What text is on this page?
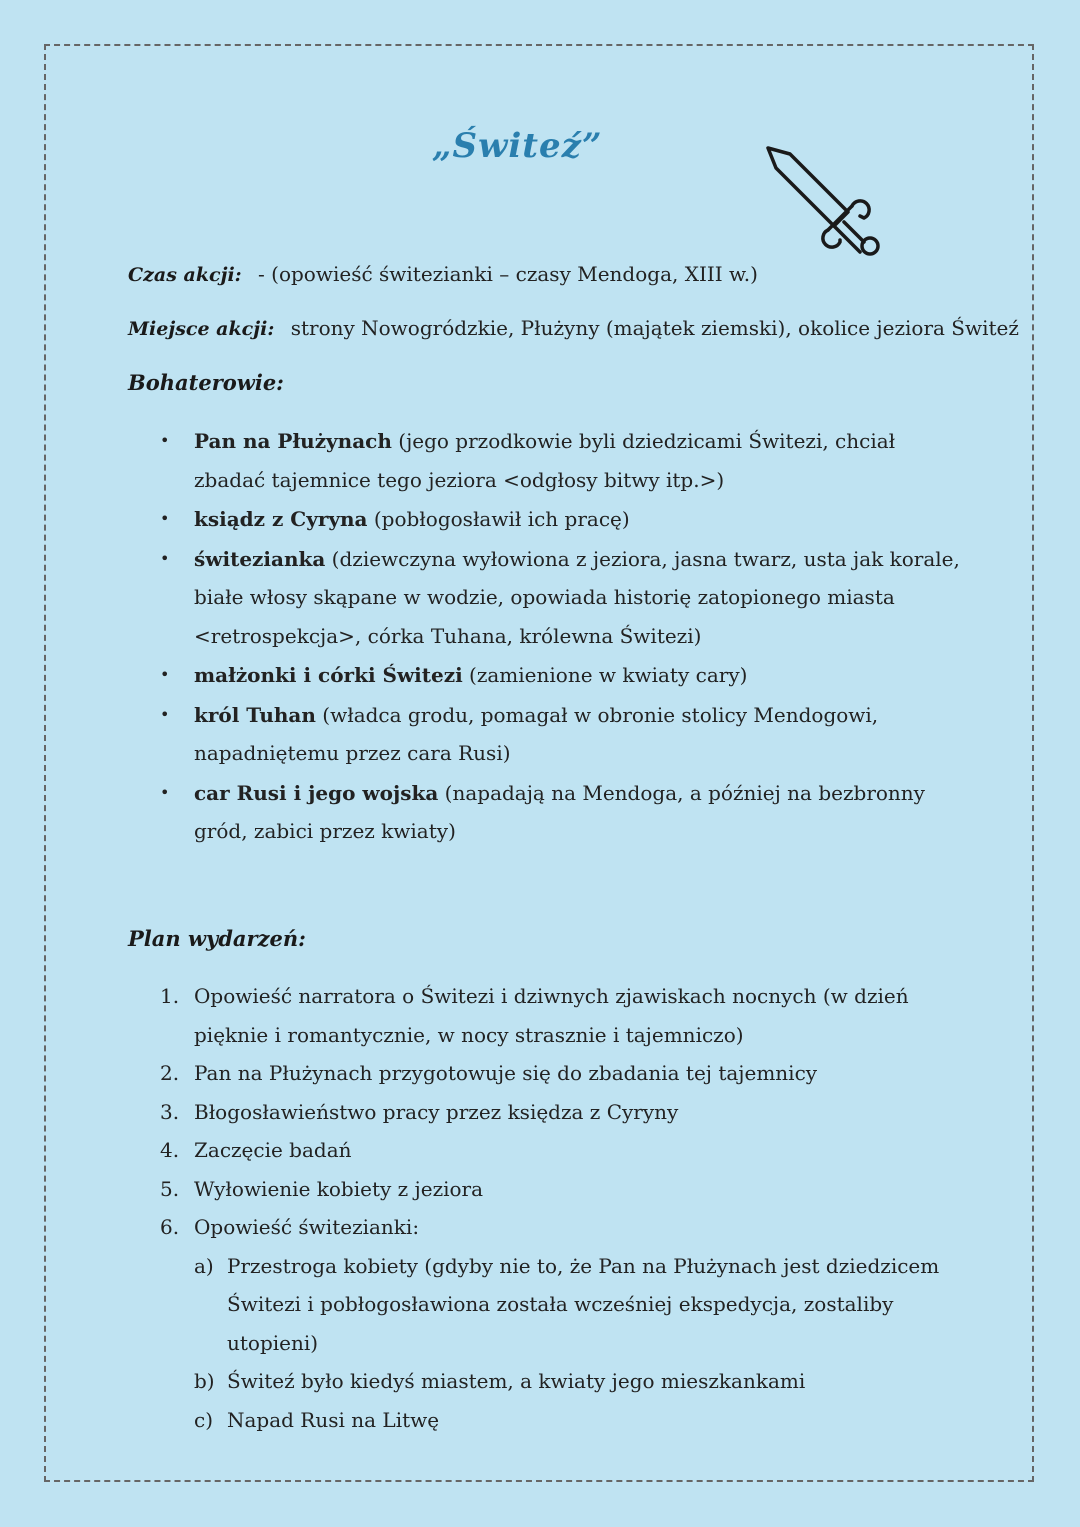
„Świteź”
Czas akcji: - (opowieść świtezianki – czasy Mendoga, XIII w.)
Miejsce akcji: strony Nowogródzkie, Płużyny (majątek ziemski), okolice jeziora Świteź
Bohaterowie:
• Pan na Płużynach (jego przodkowie byli dziedzicami Świtezi, chciał zbadać tajemnice tego jeziora <odgłosy bitwy itp.>)
• ksiądz z Cyryna (pobłogosławił ich pracę)
• świtezianka (dziewczyna wyłowiona z jeziora, jasna twarz, usta jak korale, białe włosy skąpane w wodzie, opowiada historię zatopionego miasta <retrospekcja>, córka Tuhana, królewna Świtezi)
• małżonki i córki Świtezi (zamienione w kwiaty cary)
• król Tuhan (władca grodu, pomagał w obronie stolicy Mendogowi, napadniętemu przez cara Rusi)
• car Rusi i jego wojska (napadają na Mendoga, a później na bezbronny gród, zabici przez kwiaty)
Plan wydarzeń:
1. Opowieść narratora o Świtezi i dziwnych zjawiskach nocnych (w dzień pięknie i romantycznie, w nocy strasznie i tajemniczo)
2. Pan na Płużynach przygotowuje się do zbadania tej tajemnicy
3. Błogosławieństwo pracy przez księdza z Cyryny
4. Zaczęcie badań
5. Wyłowienie kobiety z jeziora
6. Opowieść świtezianki:
a) Przestroga kobiety (gdyby nie to, że Pan na Płużynach jest dziedzicem Świtezi i pobłogosławiona została wcześniej ekspedycja, zostaliby utopieni)
b) Świteź było kiedyś miastem, a kwiaty jego mieszkankami
c) Napad Rusi na Litwę
